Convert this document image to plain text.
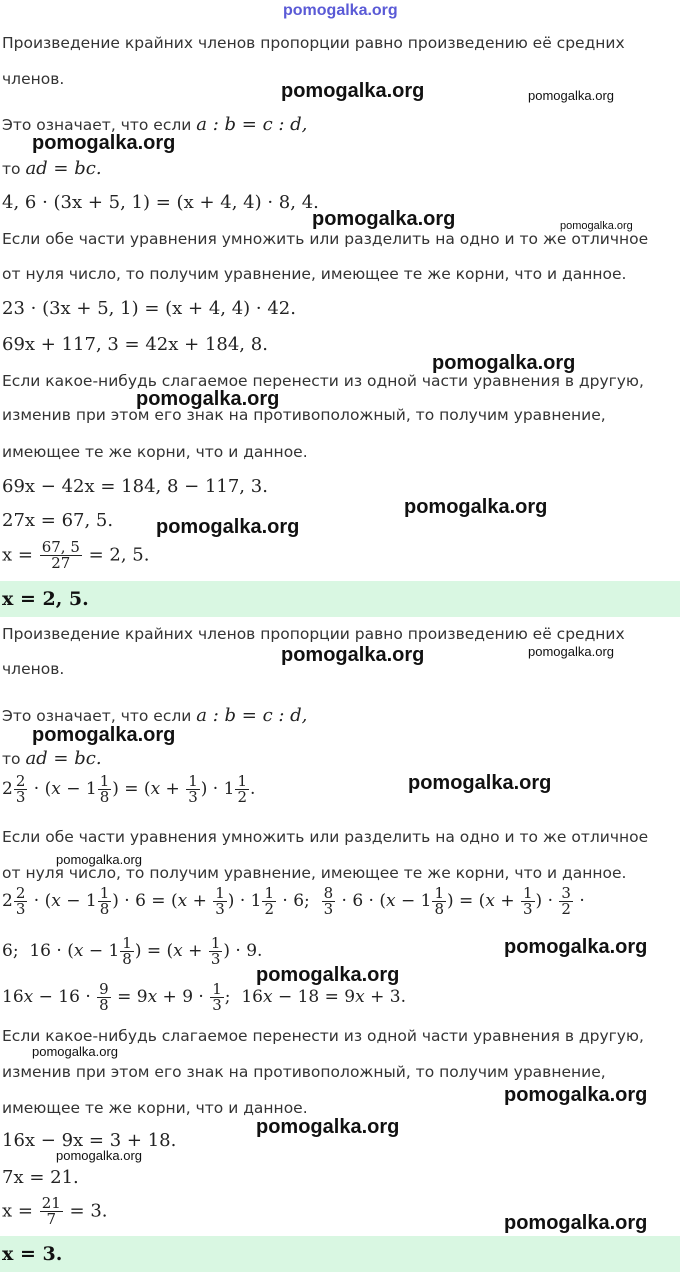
pomogalka.org
Произведение крайних членов пропорции равно произведению её средних
членов.
pomogalka.org	pomogalka.org
Это означает, что если a : b = c : d,
pomogalka.org
то ad = bc.
4, 6 · (3x + 5, 1) = (x + 4, 4) · 8, 4.
pomogalka.org	pomogalka.org
Если обе части уравнения умножить или разделить на одно и то же отличное
от нуля число, то получим уравнение, имеющее те же корни, что и данное.
23 · (3x + 5, 1) = (x + 4, 4) · 42.
69x + 117, 3 = 42x + 184, 8.
pomogalka.org
Если какое-нибудь слагаемое перенести из одной части уравнения в другую,
pomogalka.org
изменив при этом его знак на противоположный, то получим уравнение,
имеющее те же корни, что и данное.
69x − 42x = 184, 8 − 117, 3.
pomogalka.org
27x = 67, 5. pomogalka.org
$x = \frac{67, 5}{27} = 2$, 5.
x = 2, 5.
Произведение крайних членов пропорции равно произведению её средних
pomogalka.org	pomogalka.org
членов.
Это означает, что если a : b = c : d,
pomogalka.org
то ad = bc.
$2 \frac{2}{3} \cdot (x - 1 \frac{1}{8}$ ) = ($x + \frac{1}{3}$ ) · $1 \frac{1}{2}$ .	pomogalka.org
Если обе части уравнения умножить или разделить на одно и то же отличное
pomogalka.org
от нуля число, то получим уравнение, имеющее те же корни, что и данное.
$2 \frac{2}{3} \cdot (x - 1 \frac{1}{8}$ ) · $6 = (x + \frac{1}{3}$ ) · $1 \frac{1}{2} \cdot 6$; $\frac{8}{3} \cdot 6 \cdot (x - 1 \frac{1}{8}$ ) = ($x + \frac{1}{3}$ ) · $\frac{3}{2}$ ·
6;  $16 \cdot (x - 1 \frac{1}{8}$ ) = ($x + \frac{1}{3}$ ) · 9.	pomogalka.org
pomogalka.org
$16x - 16 \cdot \frac{9}{8} = 9x + 9 \cdot \frac{1}{3}$ ;  16x − 18 = 9x + 3.
Если какое-нибудь слагаемое перенести из одной части уравнения в другую,
pomogalka.org
изменив при этом его знак на противоположный, то получим уравнение,
pomogalka.org
имеющее те же корни, что и данное.
16x − 9x = 3 + 18.
pomogalka.org
pomogalka.org
7x = 21.
$x = \frac{21}{7} = 3$.
pomogalka.org
x = 3.
